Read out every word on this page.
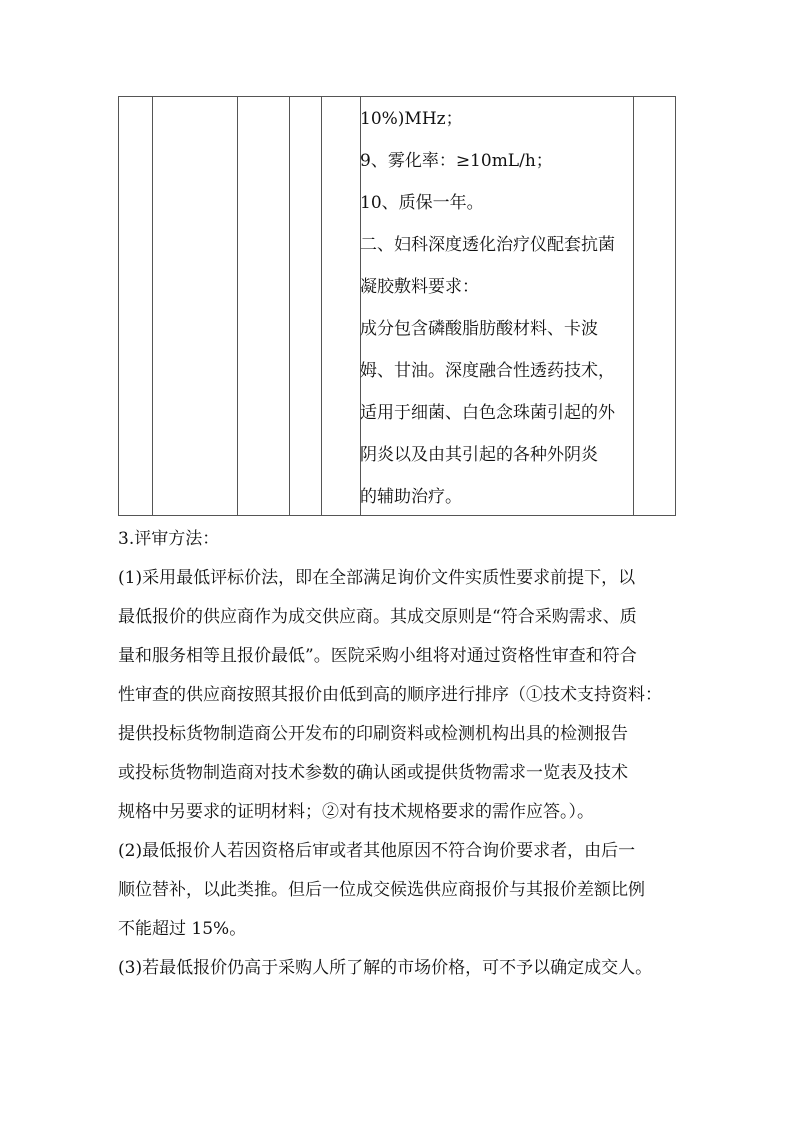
10%)MHz；
9、雾化率：≥10mL/h；
10、质保一年。
二、妇科深度透化治疗仪配套抗菌
凝胶敷料要求：
成分包含磷酸脂肪酸材料、卡波
姆、甘油。深度融合性透药技术，
适用于细菌、白色念珠菌引起的外
阴炎以及由其引起的各种外阴炎
的辅助治疗。
3.评审方法：
(1)采用最低评标价法，即在全部满足询价文件实质性要求前提下，以
最低报价的供应商作为成交供应商。其成交原则是“符合采购需求、质
量和服务相等且报价最低”。医院采购小组将对通过资格性审查和符合
性审查的供应商按照其报价由低到高的顺序进行排序（①技术支持资料：
提供投标货物制造商公开发布的印刷资料或检测机构出具的检测报告
或投标货物制造商对技术参数的确认函或提供货物需求一览表及技术
规格中另要求的证明材料；②对有技术规格要求的需作应答。）。
(2)最低报价人若因资格后审或者其他原因不符合询价要求者，由后一
顺位替补，以此类推。但后一位成交候选供应商报价与其报价差额比例
不能超过 15%。
(3)若最低报价仍高于采购人所了解的市场价格，可不予以确定成交人。
